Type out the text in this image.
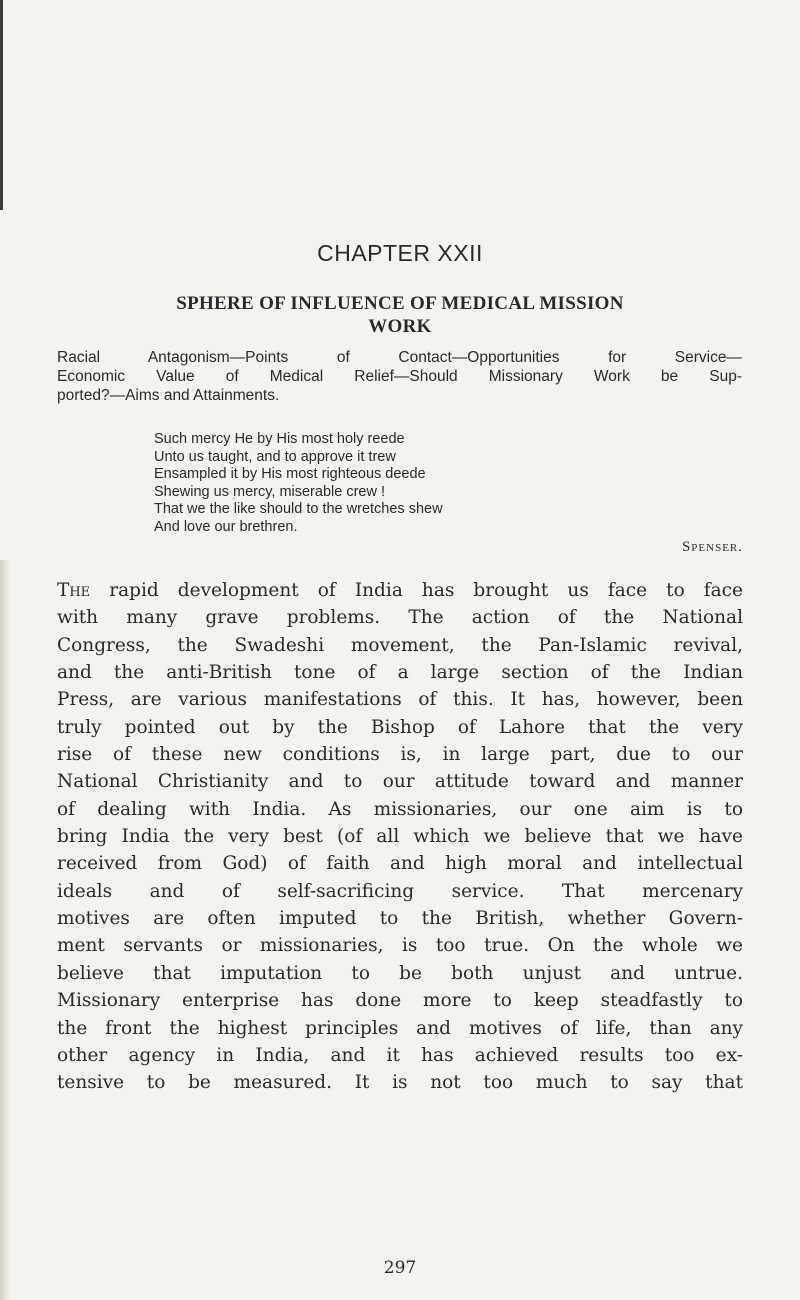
CHAPTER XXII
SPHERE OF INFLUENCE OF MEDICAL MISSION
WORK
Racial Antagonism—Points of Contact—Opportunities for Service—
Economic Value of Medical Relief—Should Missionary Work be Sup-
ported?—Aims and Attainments.
Such mercy He by His most holy reede
Unto us taught, and to approve it trew
Ensampled it by His most righteous deede
Shewing us mercy, miserable crew !
That we the like should to the wretches shew
And love our brethren.
Spenser.
The rapid development of India has brought us face to face
with many grave problems. The action of the National
Congress, the Swadeshi movement, the Pan-Islamic revival,
and the anti-British tone of a large section of the Indian
Press, are various manifestations of this. It has, however, been
truly pointed out by the Bishop of Lahore that the very
rise of these new conditions is, in large part, due to our
National Christianity and to our attitude toward and manner
of dealing with India. As missionaries, our one aim is to
bring India the very best (of all which we believe that we have
received from God) of faith and high moral and intellectual
ideals and of self-sacrificing service. That mercenary
motives are often imputed to the British, whether Govern-
ment servants or missionaries, is too true. On the whole we
believe that imputation to be both unjust and untrue.
Missionary enterprise has done more to keep steadfastly to
the front the highest principles and motives of life, than any
other agency in India, and it has achieved results too ex-
tensive to be measured. It is not too much to say that
297
